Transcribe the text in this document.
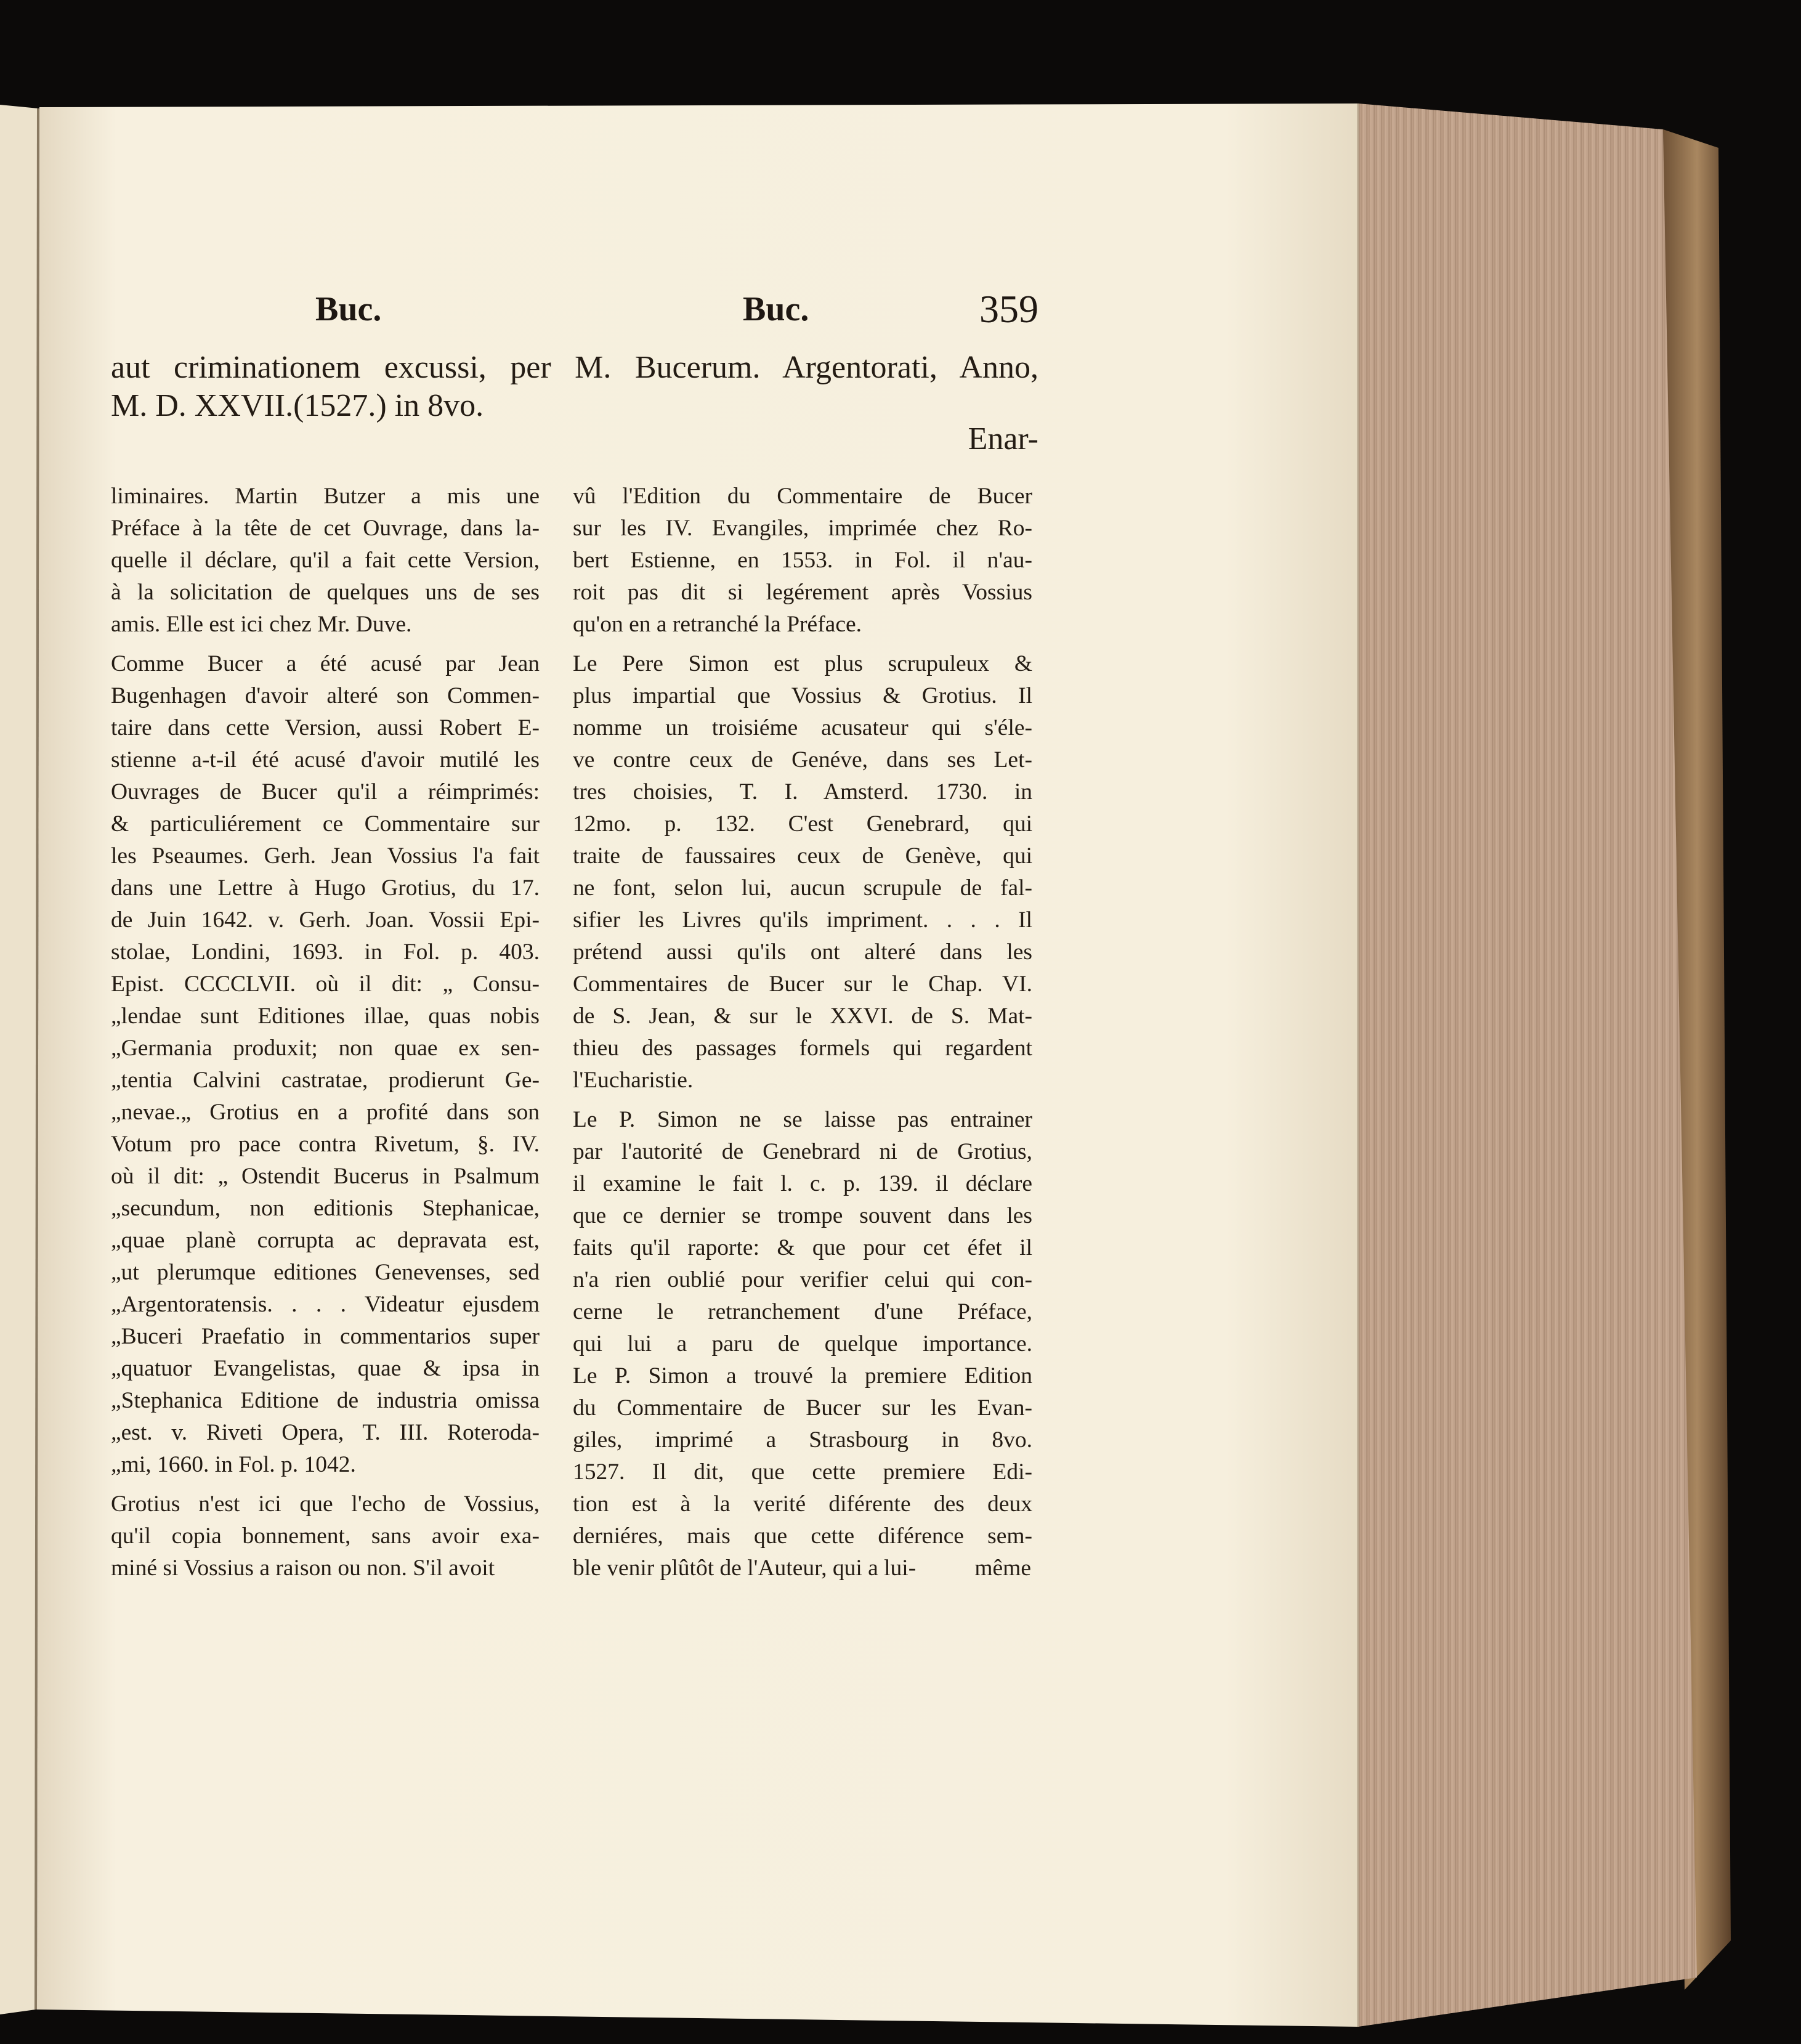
Buc.	Buc.	359
aut criminationem excussi, per M. Bucerum. Argentorati, Anno,
M. D. XXVII.(1527.) in 8vo.
Enar-
liminaires. Martin Butzer a mis une
Préface à la tête de cet Ouvrage, dans la-
quelle il déclare, qu'il a fait cette Version,
à la solicitation de quelques uns de ses
amis. Elle est ici chez Mr. Duve.
Comme Bucer a été acusé par Jean
Bugenhagen d'avoir alteré son Commen-
taire dans cette Version, aussi Robert E-
stienne a-t-il été acusé d'avoir mutilé les
Ouvrages de Bucer qu'il a réimprimés:
& particuliérement ce Commentaire sur
les Pseaumes. Gerh. Jean Vossius l'a fait
dans une Lettre à Hugo Grotius, du 17.
de Juin 1642. v. Gerh. Joan. Vossii Epi-
stolae, Londini, 1693. in Fol. p. 403.
Epist. CCCCLVII. où il dit: „ Consu-
„lendae sunt Editiones illae, quas nobis
„Germania produxit; non quae ex sen-
„tentia Calvini castratae, prodierunt Ge-
„nevae.„ Grotius en a profité dans son
Votum pro pace contra Rivetum, §. IV.
où il dit: „ Ostendit Bucerus in Psalmum
„secundum, non editionis Stephanicae,
„quae planè corrupta ac depravata est,
„ut plerumque editiones Genevenses, sed
„Argentoratensis. . . . Videatur ejusdem
„Buceri Praefatio in commentarios super
„quatuor Evangelistas, quae & ipsa in
„Stephanica Editione de industria omissa
„est. v. Riveti Opera, T. III. Roteroda-
„mi, 1660. in Fol. p. 1042.
Grotius n'est ici que l'echo de Vossius,
qu'il copia bonnement, sans avoir exa-
miné si Vossius a raison ou non. S'il avoit
vû l'Edition du Commentaire de Bucer
sur les IV. Evangiles, imprimée chez Ro-
bert Estienne, en 1553. in Fol. il n'au-
roit pas dit si legérement après Vossius
qu'on en a retranché la Préface.
Le Pere Simon est plus scrupuleux &
plus impartial que Vossius & Grotius. Il
nomme un troisiéme acusateur qui s'éle-
ve contre ceux de Genéve, dans ses Let-
tres choisies, T. I. Amsterd. 1730. in
12mo. p. 132. C'est Genebrard, qui
traite de faussaires ceux de Genève, qui
ne font, selon lui, aucun scrupule de fal-
sifier les Livres qu'ils impriment. . . . Il
prétend aussi qu'ils ont alteré dans les
Commentaires de Bucer sur le Chap. VI.
de S. Jean, & sur le XXVI. de S. Mat-
thieu des passages formels qui regardent
l'Eucharistie.
Le P. Simon ne se laisse pas entrainer
par l'autorité de Genebrard ni de Grotius,
il examine le fait l. c. p. 139. il déclare
que ce dernier se trompe souvent dans les
faits qu'il raporte: & que pour cet éfet il
n'a rien oublié pour verifier celui qui con-
cerne le retranchement d'une Préface,
qui lui a paru de quelque importance.
Le P. Simon a trouvé la premiere Edition
du Commentaire de Bucer sur les Evan-
giles, imprimé a Strasbourg in 8vo.
1527. Il dit, que cette premiere Edi-
tion est à la verité diférente des deux
derniéres, mais que cette diférence sem-
ble venir plûtôt de l'Auteur, qui a lui-	même
